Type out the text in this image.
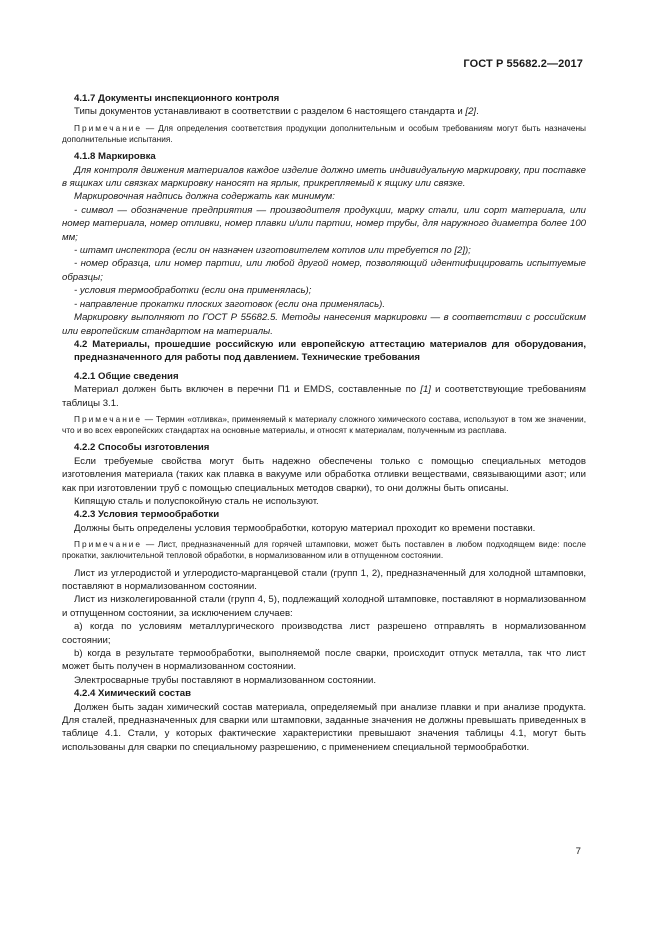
ГОСТ Р 55682.2—2017
4.1.7 Документы инспекционного контроля

Типы документов устанавливают в соответствии с разделом 6 настоящего стандарта и [2].

Примечание — Для определения соответствия продукции дополнительным и особым требованиям могут быть назначены дополнительные испытания.

4.1.8 Маркировка

Для контроля движения материалов каждое изделие должно иметь индивидуальную маркировку, при поставке в ящиках или связках маркировку наносят на ярлык, прикрепляемый к ящику или связке.

Маркировочная надпись должна содержать как минимум:

- символ — обозначение предприятия — производителя продукции, марку стали, или сорт материала, или номер материала, номер отливки, номер плавки и/или партии, номер трубы, для наружного диаметра более 100 мм;

- штамп инспектора (если он назначен изготовителем котлов или требуется по [2]);

- номер образца, или номер партии, или любой другой номер, позволяющий идентифицировать испытуемые образцы;

- условия термообработки (если она применялась);

- направление прокатки плоских заготовок (если она применялась).

Маркировку выполняют по ГОСТ Р 55682.5. Методы нанесения маркировки — в соответствии с российским или европейским стандартом на материалы.

4.2 Материалы, прошедшие российскую или европейскую аттестацию материалов для оборудования, предназначенного для работы под давлением. Технические требования

4.2.1 Общие сведения

Материал должен быть включен в перечни П1 и EMDS, составленные по [1] и соответствующие требованиям таблицы 3.1.

Примечание — Термин «отливка», применяемый к материалу сложного химического состава, используют в том же значении, что и во всех европейских стандартах на основные материалы, и относят к материалам, полученным из расплава.

4.2.2 Способы изготовления

Если требуемые свойства могут быть надежно обеспечены только с помощью специальных методов изготовления материала (таких как плавка в вакууме или обработка отливки веществами, связывающими азот; или как при изготовлении труб с помощью специальных методов сварки), то они должны быть описаны.

Кипящую сталь и полуспокойную сталь не используют.

4.2.3 Условия термообработки

Должны быть определены условия термообработки, которую материал проходит ко времени поставки.

Примечание — Лист, предназначенный для горячей штамповки, может быть поставлен в любом подходящем виде: после прокатки, заключительной тепловой обработки, в нормализованном или в отпущенном состоянии.

Лист из углеродистой и углеродисто-марганцевой стали (групп 1, 2), предназначенный для холодной штамповки, поставляют в нормализованном состоянии.

Лист из низколегированной стали (групп 4, 5), подлежащий холодной штамповке, поставляют в нормализованном и отпущенном состоянии, за исключением случаев:

a) когда по условиям металлургического производства лист разрешено отправлять в нормализованном состоянии;

b) когда в результате термообработки, выполняемой после сварки, происходит отпуск металла, так что лист может быть получен в нормализованном состоянии.

Электросварные трубы поставляют в нормализованном состоянии.

4.2.4 Химический состав

Должен быть задан химический состав материала, определяемый при анализе плавки и при анализе продукта. Для сталей, предназначенных для сварки или штамповки, заданные значения не должны превышать приведенных в таблице 4.1. Стали, у которых фактические характеристики превышают значения таблицы 4.1, могут быть использованы для сварки по специальному разрешению, с применением специальной термообработки.

7
